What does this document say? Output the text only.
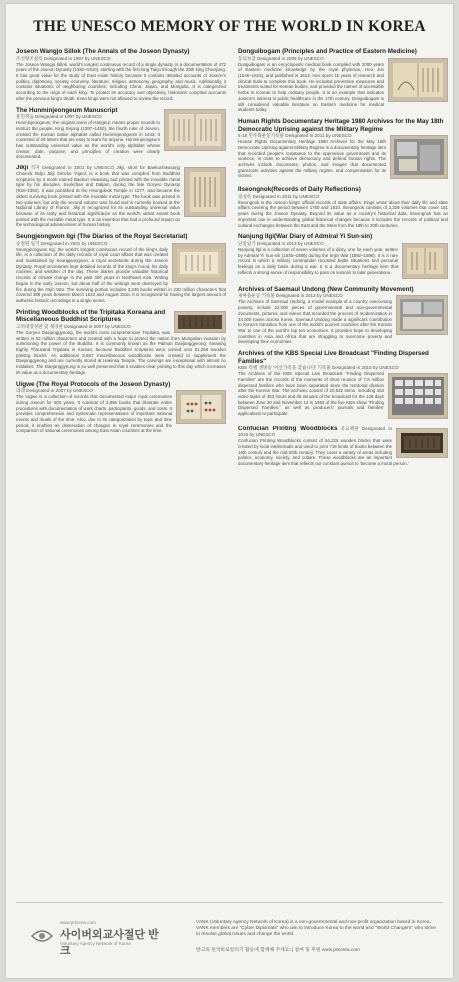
THE UNESCO MEMORY OF THE WORLD IN KOREA
Joseon Wangjo Sillok (The Annals of the Joseon Dynasty)
조선왕조실록 Designated in 1997 by UNESCO
The Joseon Wangjo Sillok, world's longest continuous record of a single dynasty, is a documentation of 472 years of the Joseon Dynasty (1392~1910), starting with the first king Taejo through the 25th king Cheoljong. It has great value for the study of East Asian history because it contains detailed accounts of Joseon's politics, diplomacy, society, economy, literature, religion, astronomy, geography, and music. Additionally, it contains situations of neighboring countries, including China, Japan, and Mongolia. It is categorized according to the reign of each king. To protect its accuracy and objectivity, historians compiled accounts after the previous king's death. Even kings were not allowed to review the record.
The Hunminjeongeum Manuscript
훈민정음 Designated in 1997 by UNESCO
Hunminjeongeum, the original name of Hangeul, means proper sounds to instruct the people. King Sejong (1397~1450), the fourth ruler of Joseon, created the Korean native alphabet called Hunminjeongeum in 1443. It consisted of 28 letters that are easy to learn for anyone. Hunminjeongeum has outstanding universal value as the world's only alphabet whose creator, date, purpose, and principles of creation were clearly documented.
Jikji 직지 Designated in 2001 by UNESCO Jikji, short for Baekunhwasang Choerok Buljo Jikji Simche Yojeol, is a book that was compiled from Buddhist scriptures by a monk named Baekun Hwasang and printed with the movable metal type by his disciples, Seokchan and Daljam, during the late Goryeo Dynasty (918~1392). It was published at the Heungdeok Temple in 1377, and became the oldest surviving book printed with the movable metal type. The book was printed in two volumes, but only the second volume was found and is currently housed at the National Library of France. Jikji is recognized for its outstanding universal value because of its rarity and historical significance as the world's oldest extant book printed with the movable metal type. It is an invention that had a profound impact on the technological advancement of human history.
Seungjeongwon Ilgi (The Diaries of the Royal Secretariat)
승정원 일기 Designated in 2001 by UNESCO
Seungjeongwon Ilgi, the world's longest continuous record of the king's daily life, is a collection of the daily records of royal court affairs that was created and maintained by Seungjeongwon, a royal secretariat during the Joseon Dynasty. Royal secretaries kept detailed records of the king's mood, his daily routines, and weather of the day. These diaries provide valuable historical records of climate change in the past 300 years in Northeast Asia. Writing began in the early Joseon, but about half of the writings were destroyed by fire during the Imjin War. The surviving portion includes 3,245 books written in 230 million characters that covered 288 years between March 1623 and August 1910. It is recognized for having the largest amount of authentic historic recordings in a single series.
Printing Woodblocks of the Tripitaka Koreana and Miscellaneous Buddhist Scriptures
고려대장경판 및 제경판 Designated in 2007 by UNESCO
The Goryeo Daejanggyeong, the world's most comprehensive Tripitaka, was written in 52 million characters and created with a hope to protect the nation from Mongolian invasion by summoning the power of the Buddha. It is commonly known as the Palman Daejanggyeong, meaning Eighty Thousand Tripitaka in Korean, because Buddhist scriptures were carved onto 81,258 wooden printing blocks. An additional 5,987 miscellaneous woodblocks were created to supplement the Daejanggyeong and are currently stored at Haeinsa Temple. The carvings are exceptional with almost no mistakes. The Daejanggyeong is so well preserved that it enables clear printing to this day which increases its value as a documentary heritage.
Uigwe (The Royal Protocols of the Joseon Dynasty)
의궤 Designated in 2007 by UNESCO
The Uigwe is a collection of records that documented major royal ceremonies during Joseon for 500 years. It consists of 3,895 books that illustrate entire procedures with documentation of work charts, participants, goods, and costs. It provides comprehensive and systematic representations of important national events and rituals of the time. Also, due to its categorization by topic and time period, it enables an observation of changes in royal ceremonies and the comparison of national ceremonies among East Asian countries at the time.
Donguibogam (Principles and Practice of Eastern Medicine)
동의보감 Designated in 2009 by UNESCO
Donguibogam is an encyclopedic medical book compiled with 2000 years of Eastern medicine knowledge by the royal physician, Heo Jun (1546~1615), and published in 1613. Heo spent 15 years of research and clinical trials to complete this book. He included preventive measures and treatments suited for Korean bodies, and provided the names of accessible herbs in Korean to help ordinary people. It is an example that indicates Joseon's interest in public healthcare in the 17th century. Donguibogam is still considered valuable literature on Eastern medicine for medical students today.
Human Rights Documentary Heritage 1980 Archives for the May 18th Democratic Uprising against the Military Regime
5·18 민주화운동기록물 Designated in 2011 by UNESCO
Human Rights Documentary Heritage 1980 Archives for the May 18th Democratic Uprising against Military Regime is a documentary heritage item that recorded people's resistance to the oppressive government and its violence, in order to achieve democracy and defend human rights. The archives include documents, photos, and images that documented grassroots activities against the military regime, and compensation for its victims.
Ilseongnok(Records of Daily Reflections)
일성록 Designated in 2011 by UNESCO
Ilseongnok is the Joseon kings' official records of state affairs. Kings wrote about their daily life and state affairs covering the period between 1760 and 1910. Ilseongnok consists of 2,329 volumes that cover 151 years during the Joseon Dynasty. Beyond its value as a country's historical data, Ilseongnok has an important use in understanding global historical changes because it includes the records of political and cultural exchanges between the East and the West from the 18th to 20th centuries.
Nanjung Ilgi(War Diary of Admiral Yi Sun-sin)
난중일기 Designated in 2013 by UNESCO
Nanjung Ilgi is a collection of seven volumes of a diary, one for each year, written by Admiral Yi Sun-sin (1545~1598) during the Imjin War (1592~1598). It is a rare record in which a military commander recorded battle situations and personal feelings on a daily basis during a war. It is a documentary heritage item that reflects a strong sense of responsibility to pass on lessons to later generations.
Archives of Saemaul Undong (New Community Movement)
새마을운동 기록물 Designated in 2013 by UNESCO
The Archives of Saemaul Undong, a model example of a country overcoming poverty, include 22,000 pieces of governmental and non-governmental documents, pictures, and videos that recorded the process of modernization in 34,000 towns across Korea. Saemaul Undong made a significant contribution to Korea's transition from one of the world's poorest countries after the Korean War to one of the world's top ten economies. It provides hope to developing countries in Asia and Africa that are struggling to overcome poverty and developing their economies.
Archives of the KBS Special Live Broadcast "Finding Dispersed Families"
KBS 특별 생방송 '이산가족을 찾습니다' 기록물 Designated in 2015 by UNESCO
The Archives of the KBS Special Live Broadcast "Finding Dispersed Families" are the records of the moments of short reunion of 7.8 million dispersed families who have been separated since the territorial division after the Korean War. The archives consist of 20,522 items, including 463 video tapes of 453 hours and 45 minutes of the broadcast for the 138 days between June 30 and November 14 in 1983 of the live KBS show "Finding Dispersed Families," as well as producers' journals and families' applications to participate.
Confucian Printing Woodblocks 유교책판 Designated in 2015 by UNESCO
Confucian Printing Woodblocks consist of 64,226 wooden blocks that were created by local intellectuals and used to print 718 kinds of books between the 16th century and the mid-20th century. They cover a variety of areas including politics, economy, society, and culture. These woodblocks are an important documentary heritage item that reflects our constant pursuit to 'become a moral person.'
www.prkorea.com
사이버외교사절단 반크
Voluntary Agency Network of Korea
VANK (Voluntary Agency Network of Korea) is a non-governmental and non-profit organization based in Korea. VANK members are "Cyber Diplomats" who aim to introduce Korea to the world and "World Changers" who strive to resolve global issues and change the world.
반크의 한국바로알리기 활동에 함께해 주세요! | 참여 및 후원 vank.prkorea.com
